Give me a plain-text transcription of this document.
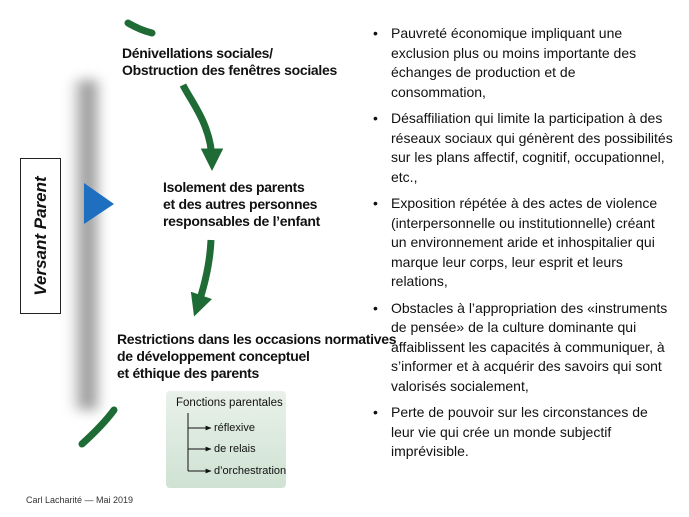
Versant Parent
Dénivellations sociales/
Obstruction des fenêtres sociales
Isolement des parents
et des autres personnes
responsables de l’enfant
Restrictions dans les occasions normatives
de développement conceptuel
et éthique des parents
Fonctions parentales
réflexive
de relais
d’orchestration
• Pauvreté économique impliquant une exclusion plus ou moins importante des échanges de production et de consommation,
• Désaffiliation qui limite la participation à des réseaux sociaux qui génèrent des possibilités sur les plans affectif, cognitif, occupationnel, etc.,
• Exposition répétée à des actes de violence (interpersonnelle ou institutionnelle) créant un environnement aride et inhospitalier qui marque leur corps, leur esprit et leurs relations,
• Obstacles à l’appropriation des «instruments de pensée» de la culture dominante qui affaiblissent les capacités à communiquer, à s’informer et à acquérir des savoirs qui sont valorisés socialement,
• Perte de pouvoir sur les circonstances de leur vie qui crée un monde subjectif imprévisible.
Carl Lacharité — Mai 2019
